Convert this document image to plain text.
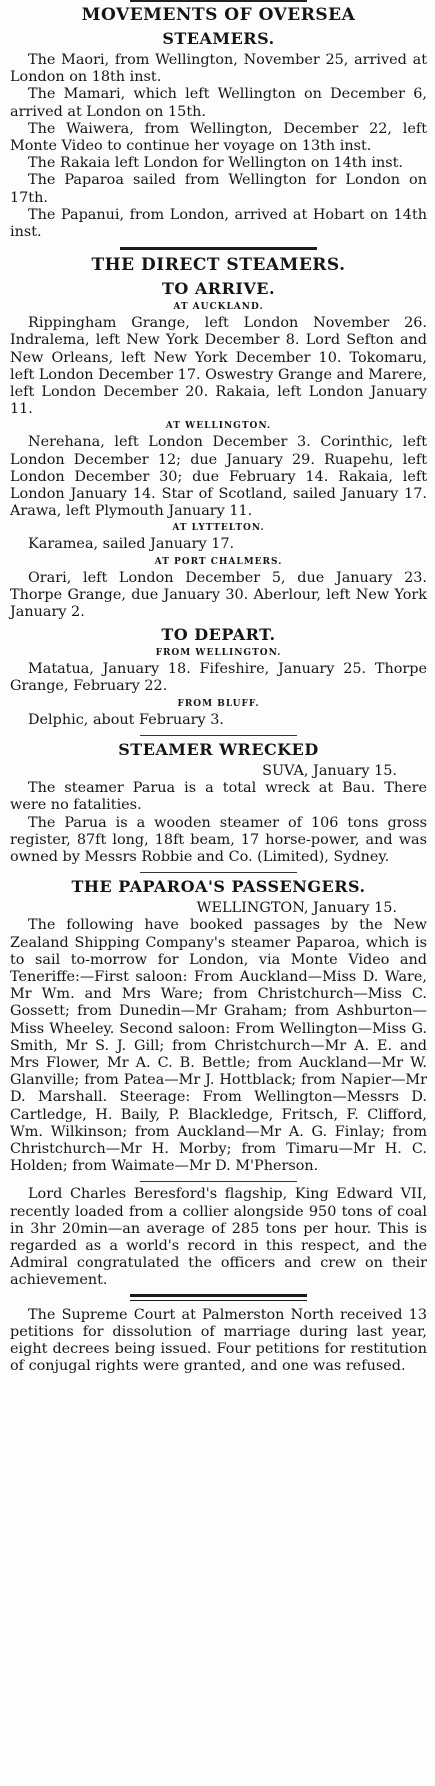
MOVEMENTS OF OVERSEA
STEAMERS.

The Maori, from Wellington, November 25, arrived at London on 18th inst.

The Mamari, which left Wellington on December 6, arrived at London on 15th.

The Waiwera, from Wellington, December 22, left Monte Video to continue her voyage on 13th inst.

The Rakaia left London for Wellington on 14th inst.

The Paparoa sailed from Wellington for London on 17th.

The Papanui, from London, arrived at Hobart on 14th inst.

THE DIRECT STEAMERS.
TO ARRIVE.
AT AUCKLAND.

Rippingham Grange, left London November 26. Indralema, left New York December 8. Lord Sefton and New Orleans, left New York December 10. Tokomaru, left London December 17. Oswestry Grange and Marere, left London December 20. Rakaia, left London January 11.

AT WELLINGTON.

Nerehana, left London December 3. Corinthic, left London December 12; due January 29. Ruapehu, left London December 30; due February 14. Rakaia, left London January 14. Star of Scotland, sailed January 17. Arawa, left Plymouth January 11.

AT LYTTELTON.

Karamea, sailed January 17.

AT PORT CHALMERS.

Orari, left London December 5, due January 23. Thorpe Grange, due January 30. Aberlour, left New York January 2.

TO DEPART.
FROM WELLINGTON.

Matatua, January 18. Fifeshire, January 25. Thorpe Grange, February 22.

FROM BLUFF.

Delphic, about February 3.

STEAMER WRECKED

SUVA, January 15.

The steamer Parua is a total wreck at Bau. There were no fatalities.

The Parua is a wooden steamer of 106 tons gross register, 87ft long, 18ft beam, 17 horse-power, and was owned by Messrs Robbie and Co. (Limited), Sydney.

THE PAPAROA'S PASSENGERS.

WELLINGTON, January 15.

The following have booked passages by the New Zealand Shipping Company's steamer Paparoa, which is to sail to-morrow for London, via Monte Video and Teneriffe:—First saloon: From Auckland—Miss D. Ware, Mr Wm. and Mrs Ware; from Christchurch—Miss C. Gossett; from Dunedin—Mr Graham; from Ashburton—Miss Wheeley. Second saloon: From Wellington—Miss G. Smith, Mr S. J. Gill; from Christchurch—Mr A. E. and Mrs Flower, Mr A. C. B. Bettle; from Auckland—Mr W. Glanville; from Patea—Mr J. Hottblack; from Napier—Mr D. Marshall. Steerage: From Wellington—Messrs D. Cartledge, H. Baily, P. Blackledge, Fritsch, F. Clifford, Wm. Wilkinson; from Auckland—Mr A. G. Finlay; from Christchurch—Mr H. Morby; from Timaru—Mr H. C. Holden; from Waimate—Mr D. M'Pherson.

Lord Charles Beresford's flagship, King Edward VII, recently loaded from a collier alongside 950 tons of coal in 3hr 20min—an average of 285 tons per hour. This is regarded as a world's record in this respect, and the Admiral congratulated the officers and crew on their achievement.

The Supreme Court at Palmerston North received 13 petitions for dissolution of marriage during last year, eight decrees being issued. Four petitions for restitution of conjugal rights were granted, and one was refused.
